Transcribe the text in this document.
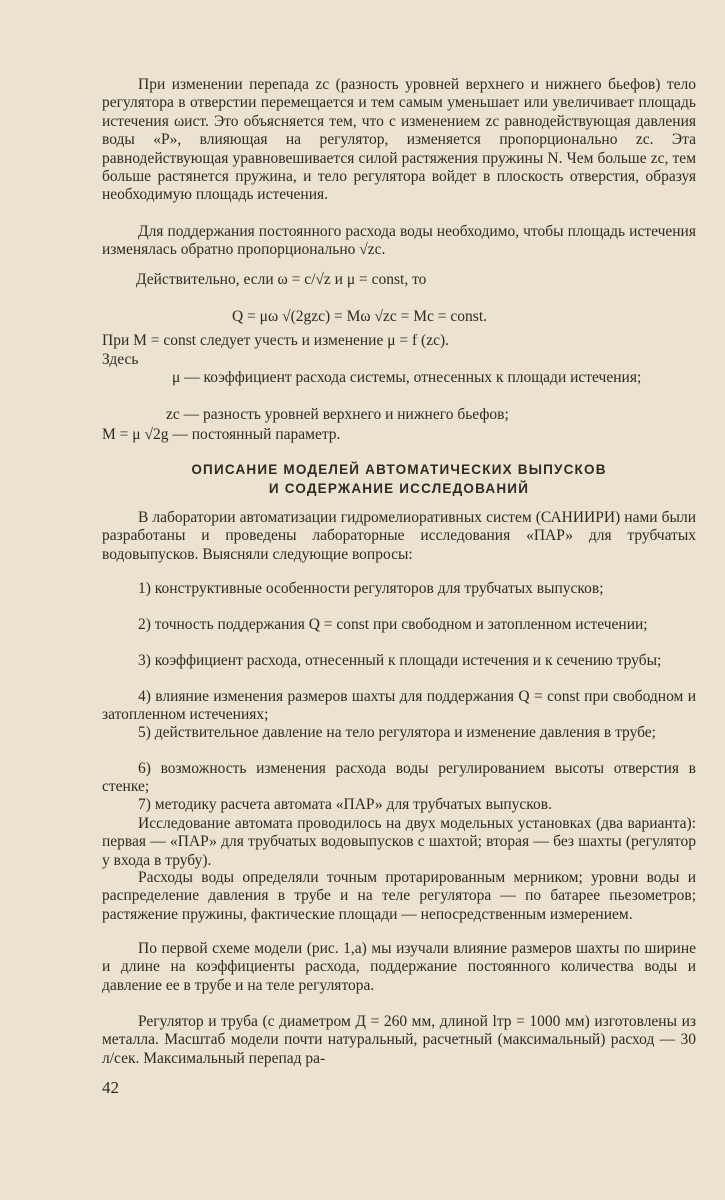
При изменении перепада zс (разность уровней верхнего и нижнего бьефов) тело регулятора в отверстии перемещается и тем самым уменьшает или увеличивает площадь истечения ωист. Это объясняется тем, что с изменением zс равнодействующая давления воды «P», влияющая на регулятор, изменяется пропорционально zс. Эта равнодействующая уравновешивается силой растяжения пружины N. Чем больше zс, тем больше растянется пружина, и тело регулятора войдет в плоскость отверстия, образуя необходимую площадь истечения.

Для поддержания постоянного расхода воды необходимо, чтобы площадь истечения изменялась обратно пропорционально √zс.

Действительно, если ω = c/√z и μ = const, то
Q = μω √(2gzс) = Mω √zс = Mc = const.
При M = const следует учесть и изменение μ = f (zс).
Здесь

μ — коэффициент расхода системы, отнесенных к площади истечения;

zс — разность уровней верхнего и нижнего бьефов;
M = μ √2g — постоянный параметр.
ОПИСАНИЕ МОДЕЛЕЙ АВТОМАТИЧЕСКИХ ВЫПУСКОВ
И СОДЕРЖАНИЕ ИССЛЕДОВАНИЙ

В лаборатории автоматизации гидромелиоративных систем (САНИИРИ) нами были разработаны и проведены лабораторные исследования «ПАР» для трубчатых водовыпусков. Выясняли следующие вопросы:

1) конструктивные особенности регуляторов для трубчатых выпусков;

2) точность поддержания Q = const при свободном и затопленном истечении;

3) коэффициент расхода, отнесенный к площади истечения и к сечению трубы;

4) влияние изменения размеров шахты для поддержания Q = const при свободном и затопленном истечениях;

5) действительное давление на тело регулятора и изменение давления в трубе;

6) возможность изменения расхода воды регулированием высоты отверстия в стенке;

7) методику расчета автомата «ПАР» для трубчатых выпусков.

Исследование автомата проводилось на двух модельных установках (два варианта): первая — «ПАР» для трубчатых водовыпусков с шахтой; вторая — без шахты (регулятор у входа в трубу).

Расходы воды определяли точным протарированным мерником; уровни воды и распределение давления в трубе и на теле регулятора — по батарее пьезометров; растяжение пружины, фактические площади — непосредственным измерением.

По первой схеме модели (рис. 1,а) мы изучали влияние размеров шахты по ширине и длине на коэффициенты расхода, поддержание постоянного количества воды и давление ее в трубе и на теле регулятора.

Регулятор и труба (с диаметром Д = 260 мм, длиной lтр = 1000 мм) изготовлены из металла. Масштаб модели почти натуральный, расчетный (максимальный) расход — 30 л/сек. Максимальный перепад ра-

42
